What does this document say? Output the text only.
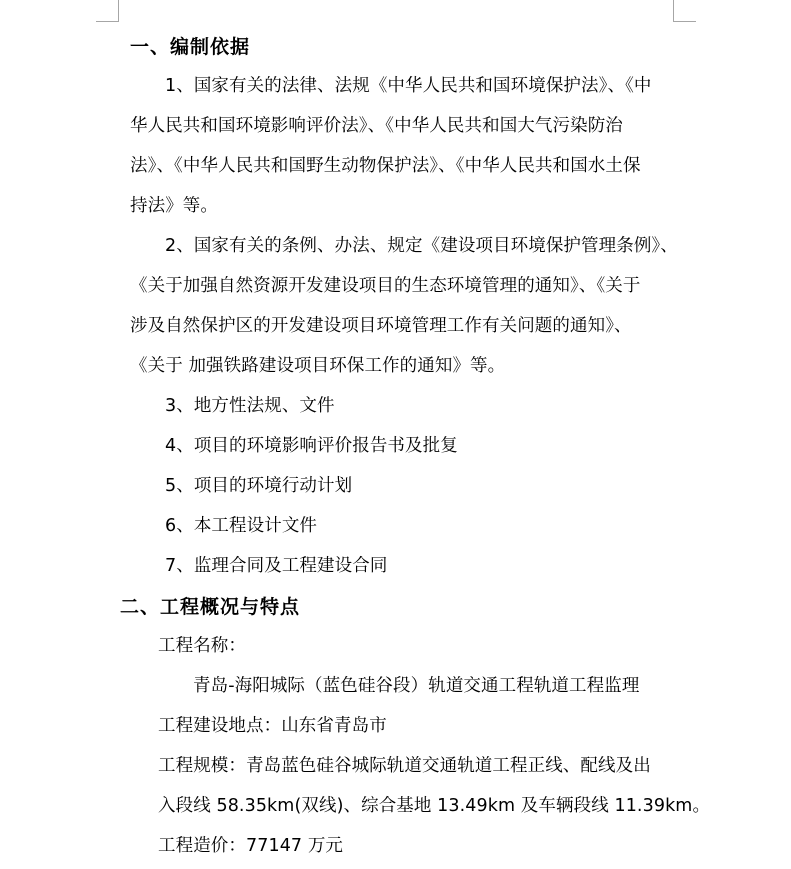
一、编制依据
1、国家有关的法律、法规《中华人民共和国环境保护法》、《中
华人民共和国环境影响评价法》、《中华人民共和国大气污染防治
法》、《中华人民共和国野生动物保护法》、《中华人民共和国水土保
持法》等。
2、国家有关的条例、办法、规定《建设项目环境保护管理条例》、
《关于加强自然资源开发建设项目的生态环境管理的通知》、《关于
涉及自然保护区的开发建设项目环境管理工作有关问题的通知》、
《关于 加强铁路建设项目环保工作的通知》等。
3、地方性法规、文件
4、项目的环境影响评价报告书及批复
5、项目的环境行动计划
6、本工程设计文件
7、监理合同及工程建设合同
二、工程概况与特点
工程名称：
青岛-海阳城际（蓝色硅谷段）轨道交通工程轨道工程监理
工程建设地点：山东省青岛市
工程规模：青岛蓝色硅谷城际轨道交通轨道工程正线、配线及出
入段线 58.35km(双线)、综合基地 13.49km 及车辆段线 11.39km。
工程造价：77147 万元
